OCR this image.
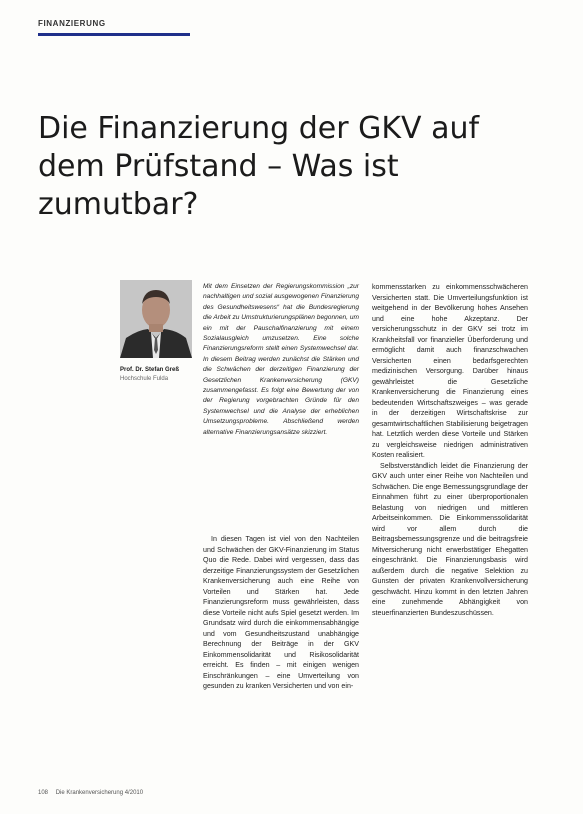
FINANZIERUNG
Die Finanzierung der GKV auf dem Prüfstand – Was ist zumutbar?
Prof. Dr. Stefan Greß
Hochschule Fulda

Mit dem Einsetzen der Regierungskommission „zur nachhaltigen und sozial ausgewogenen Finanzierung des Gesundheitswesens“ hat die Bundesregierung die Arbeit zu Umstrukturierungsplänen begonnen, um ein mit der Pauschalfinanzierung mit einem Sozialausgleich umzusetzen. Eine solche Finanzierungsreform stellt einen Systemwechsel dar. In diesem Beitrag werden zunächst die Stärken und die Schwächen der derzeitigen Finanzierung der Gesetzlichen Krankenversicherung (GKV) zusammengefasst. Es folgt eine Bewertung der von der Regierung vorgebrachten Gründe für den Systemwechsel und die Analyse der erheblichen Umsetzungsprobleme. Abschließend werden alternative Finanzierungsansätze skizziert.

In diesen Tagen ist viel von den Nachteilen und Schwächen der GKV-Finanzierung im Status Quo die Rede. Dabei wird vergessen, dass das derzeitige Finanzierungssystem der Gesetzlichen Krankenversicherung auch eine Reihe von Vorteilen und Stärken hat. Jede Finanzierungsreform muss gewährleisten, dass diese Vorteile nicht aufs Spiel gesetzt werden. Im Grundsatz wird durch die einkommensabhängige und vom Gesundheitszustand unabhängige Berechnung der Beiträge in der GKV Einkommensolidarität und Risikosolidarität erreicht. Es finden – mit einigen wenigen Einschränkungen – eine Umverteilung von gesunden zu kranken Versicherten und von ein-

kommensstarken zu einkommensschwächeren Versicherten statt. Die Umverteilungsfunktion ist weitgehend in der Bevölkerung hohes Ansehen und eine hohe Akzeptanz. Der versicherungsschutz in der GKV sei trotz im Krankheitsfall vor finanzieller Überforderung und ermöglicht damit auch finanzschwachen Versicherten einen bedarfsgerechten medizinischen Versorgung. Darüber hinaus gewährleistet die Gesetzliche Krankenversicherung die Finanzierung eines bedeutenden Wirtschaftszweiges – was gerade in der derzeitigen Wirtschaftskrise zur gesamtwirtschaftlichen Stabilisierung beigetragen hat. Letztlich werden diese Vorteile und Stärken zu vergleichsweise niedrigen administrativen Kosten realisiert.

Selbstverständlich leidet die Finanzierung der GKV auch unter einer Reihe von Nachteilen und Schwächen. Die enge Bemessungsgrundlage der Einnahmen führt zu einer überproportionalen Belastung von niedrigen und mittleren Arbeitseinkommen. Die Einkommenssolidarität wird vor allem durch die Beitragsbemessungsgrenze und die beitragsfreie Mitversicherung nicht erwerbstätiger Ehegatten eingeschränkt. Die Finanzierungsbasis wird außerdem durch die negative Selektion zu Gunsten der privaten Krankenvollversicherung geschwächt. Hinzu kommt in den letzten Jahren eine zunehmende Abhängigkeit von steuerfinanzierten Bundeszuschüssen.

108 Die Krankenversicherung 4/2010
